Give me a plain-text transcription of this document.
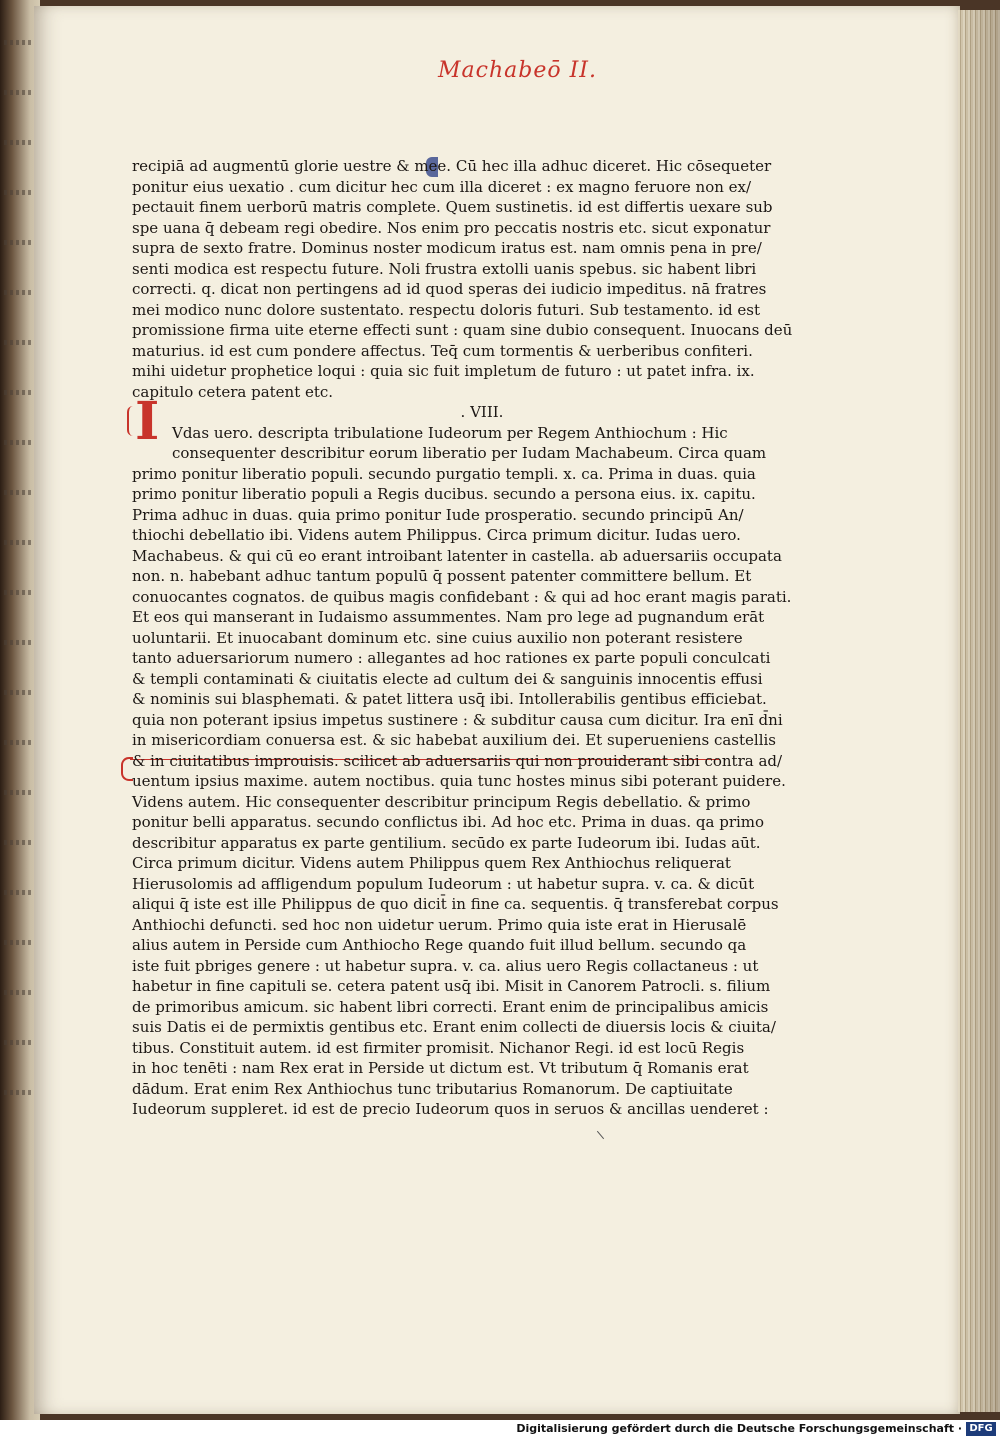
Machabeō II.
I
recipiā ad augmentū glorie uestre & mee. Cū hec illa adhuc diceret. Hic cōsequeter
ponitur eius uexatio . cum dicitur hec cum illa diceret : ex magno feruore non ex/
pectauit finem uerborū matris complete. Quem sustinetis. id est differtis uexare sub
spe uana q̄ debeam regi obedire. Nos enim pro peccatis nostris etc. sicut exponatur
supra de sexto fratre. Dominus noster modicum iratus est. nam omnis pena in pre/
senti modica est respectu future. Noli frustra extolli uanis spebus. sic habent libri
correcti. q. dicat non pertingens ad id quod speras dei iudicio impeditus. nā fratres
mei modico nunc dolore sustentato. respectu doloris futuri. Sub testamento. id est
promissione firma uite eterne effecti sunt : quam sine dubio consequent. Inuocans deū
maturius. id est cum pondere affectus. Teq̄ cum tormentis & uerberibus confiteri.
mihi uidetur prophetice loqui : quia sic fuit impletum de futuro : ut patet infra. ix.
capitulo cetera patent etc.
. VIII.
Vdas uero. descripta tribulatione Iudeorum per Regem Anthiochum : Hic
consequenter describitur eorum liberatio per Iudam Machabeum. Circa quam
primo ponitur liberatio populi. secundo purgatio templi. x. ca. Prima in duas. quia
primo ponitur liberatio populi a Regis ducibus. secundo a persona eius. ix. capitu.
Prima adhuc in duas. quia primo ponitur Iude prosperatio. secundo principū An/
thiochi debellatio ibi. Videns autem Philippus. Circa primum dicitur. Iudas uero.
Machabeus. & qui cū eo erant introibant latenter in castella. ab aduersariis occupata
non. n. habebant adhuc tantum populū q̄ possent patenter committere bellum. Et
conuocantes cognatos. de quibus magis confidebant : & qui ad hoc erant magis parati.
Et eos qui manserant in Iudaismo assummentes. Nam pro lege ad pugnandum erāt
uoluntarii. Et inuocabant dominum etc. sine cuius auxilio non poterant resistere
tanto aduersariorum numero : allegantes ad hoc rationes ex parte populi conculcati
& templi contaminati & ciuitatis electe ad cultum dei & sanguinis innocentis effusi
& nominis sui blasphemati. & patet littera usq̄ ibi. Intollerabilis gentibus efficiebat.
quia non poterant ipsius impetus sustinere : & subditur causa cum dicitur. Ira enī d̄ni
in misericordiam conuersa est. & sic habebat auxilium dei. Et superueniens castellis
& in ciuitatibus improuisis. scilicet ab aduersariis qui non prouiderant sibi contra ad/
uentum ipsius maxime. autem noctibus. quia tunc hostes minus sibi poterant puidere.
Videns autem. Hic consequenter describitur principum Regis debellatio. & primo
ponitur belli apparatus. secundo conflictus ibi. Ad hoc etc. Prima in duas. qa primo
describitur apparatus ex parte gentilium. secūdo ex parte Iudeorum ibi. Iudas aūt.
Circa primum dicitur. Videns autem Philippus quem Rex Anthiochus reliquerat
Hierusolomis ad affligendum populum Iudeorum : ut habetur supra. v. ca. & dicūt
aliqui q̄ iste est ille Philippus de quo dicit̄ in fine ca. sequentis. q̄ transferebat corpus
Anthiochi defuncti. sed hoc non uidetur uerum. Primo quia iste erat in Hierusalē
alius autem in Perside cum Anthiocho Rege quando fuit illud bellum. secundo qa
iste fuit pbriges genere : ut habetur supra. v. ca. alius uero Regis collactaneus : ut
habetur in fine capituli se. cetera patent usq̄ ibi. Misit in Canorem Patrocli. s. filium
de primoribus amicum. sic habent libri correcti. Erant enim de principalibus amicis
suis Datis ei de permixtis gentibus etc. Erant enim collecti de diuersis locis & ciuita/
tibus. Constituit autem. id est firmiter promisit. Nichanor Regi. id est locū Regis
in hoc tenēti : nam Rex erat in Perside ut dictum est. Vt tributum q̄ Romanis erat
dādum. Erat enim Rex Anthiochus tunc tributarius Romanorum. De captiuitate
Iudeorum suppleret. id est de precio Iudeorum quos in seruos & ancillas uenderet :
Digitalisierung gefördert durch die Deutsche Forschungsgemeinschaft · DFG
